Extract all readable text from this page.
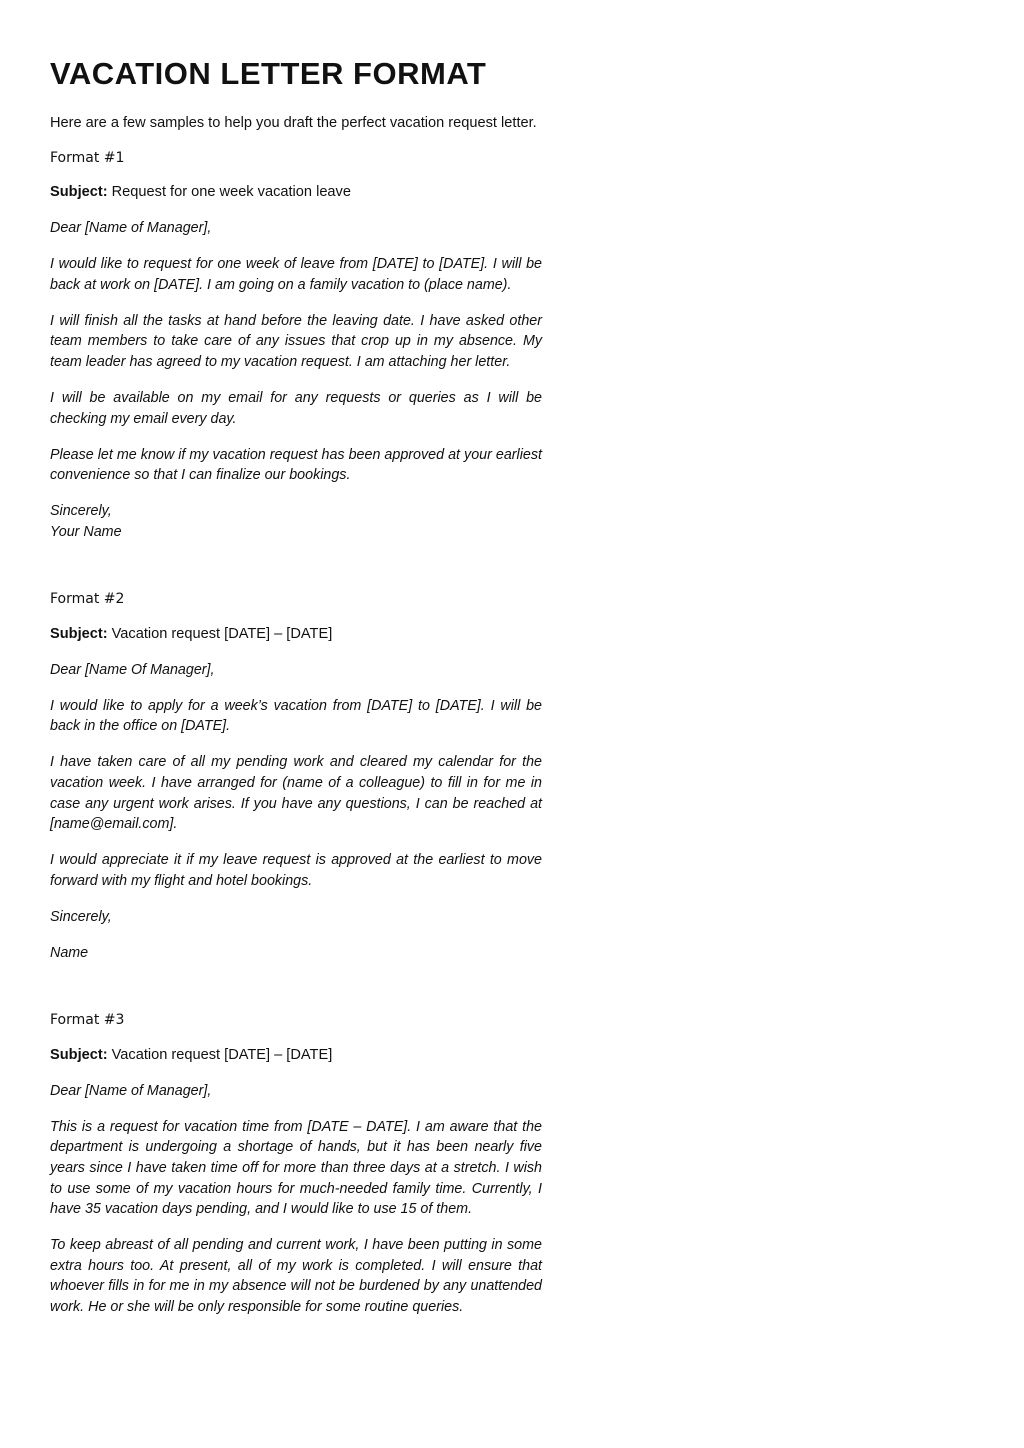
VACATION LETTER FORMAT

Here are a few samples to help you draft the perfect vacation request letter.

Format #1

Subject: Request for one week vacation leave

Dear [Name of Manager],

I would like to request for one week of leave from [DATE] to [DATE]. I will be back at work on [DATE]. I am going on a family vacation to (place name).

I will finish all the tasks at hand before the leaving date. I have asked other team members to take care of any issues that crop up in my absence. My team leader has agreed to my vacation request. I am attaching her letter.

I will be available on my email for any requests or queries as I will be checking my email every day.

Please let me know if my vacation request has been approved at your earliest convenience so that I can finalize our bookings.

Sincerely,
Your Name

Format #2

Subject: Vacation request [DATE] – [DATE]

Dear [Name Of Manager],

I would like to apply for a week’s vacation from [DATE] to [DATE]. I will be back in the office on [DATE].

I have taken care of all my pending work and cleared my calendar for the vacation week. I have arranged for (name of a colleague) to fill in for me in case any urgent work arises. If you have any questions, I can be reached at [name@email.com].

I would appreciate it if my leave request is approved at the earliest to move forward with my flight and hotel bookings.

Sincerely,

Name

Format #3

Subject: Vacation request [DATE] – [DATE]

Dear [Name of Manager],

This is a request for vacation time from [DATE – DATE]. I am aware that the department is undergoing a shortage of hands, but it has been nearly five years since I have taken time off for more than three days at a stretch. I wish to use some of my vacation hours for much-needed family time. Currently, I have 35 vacation days pending, and I would like to use 15 of them.

To keep abreast of all pending and current work, I have been putting in some extra hours too. At present, all of my work is completed. I will ensure that whoever fills in for me in my absence will not be burdened by any unattended work. He or she will be only responsible for some routine queries.
